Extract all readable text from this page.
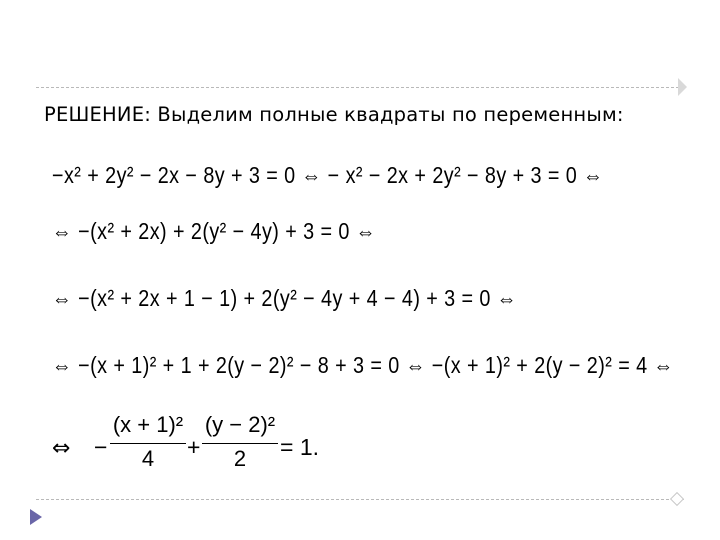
РЕШЕНИЕ: Выделим полные квадраты по переменным:
−x² + 2y² − 2x − 8y + 3 = 0 ⇔ − x² − 2x + 2y² − 8y + 3 = 0 ⇔
⇔ −(x² + 2x) + 2(y² − 4y) + 3 = 0 ⇔
⇔ −(x² + 2x + 1 − 1) + 2(y² − 4y + 4 − 4) + 3 = 0 ⇔
⇔ −(x + 1)² + 1 + 2(y − 2)² − 8 + 3 = 0 ⇔ −(x + 1)² + 2(y − 2)² = 4 ⇔
⇔ −
(x + 1)²
4	+
(y − 2)²
2	= 1.
